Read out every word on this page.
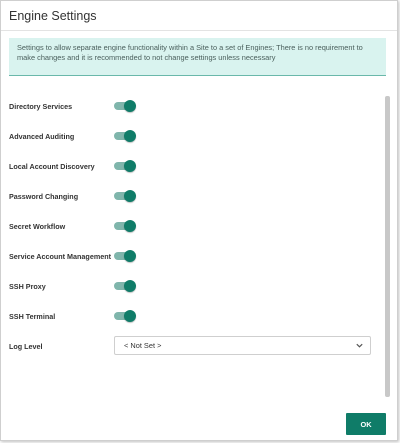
Engine Settings
Settings to allow separate engine functionality within a Site to a set of Engines; There is no requirement to make changes and it is recommended to not change settings unless necessary
Directory Services
Advanced Auditing
Local Account Discovery
Password Changing
Secret Workflow
Service Account Management
SSH Proxy
SSH Terminal
Log Level	< Not Set >
OK
